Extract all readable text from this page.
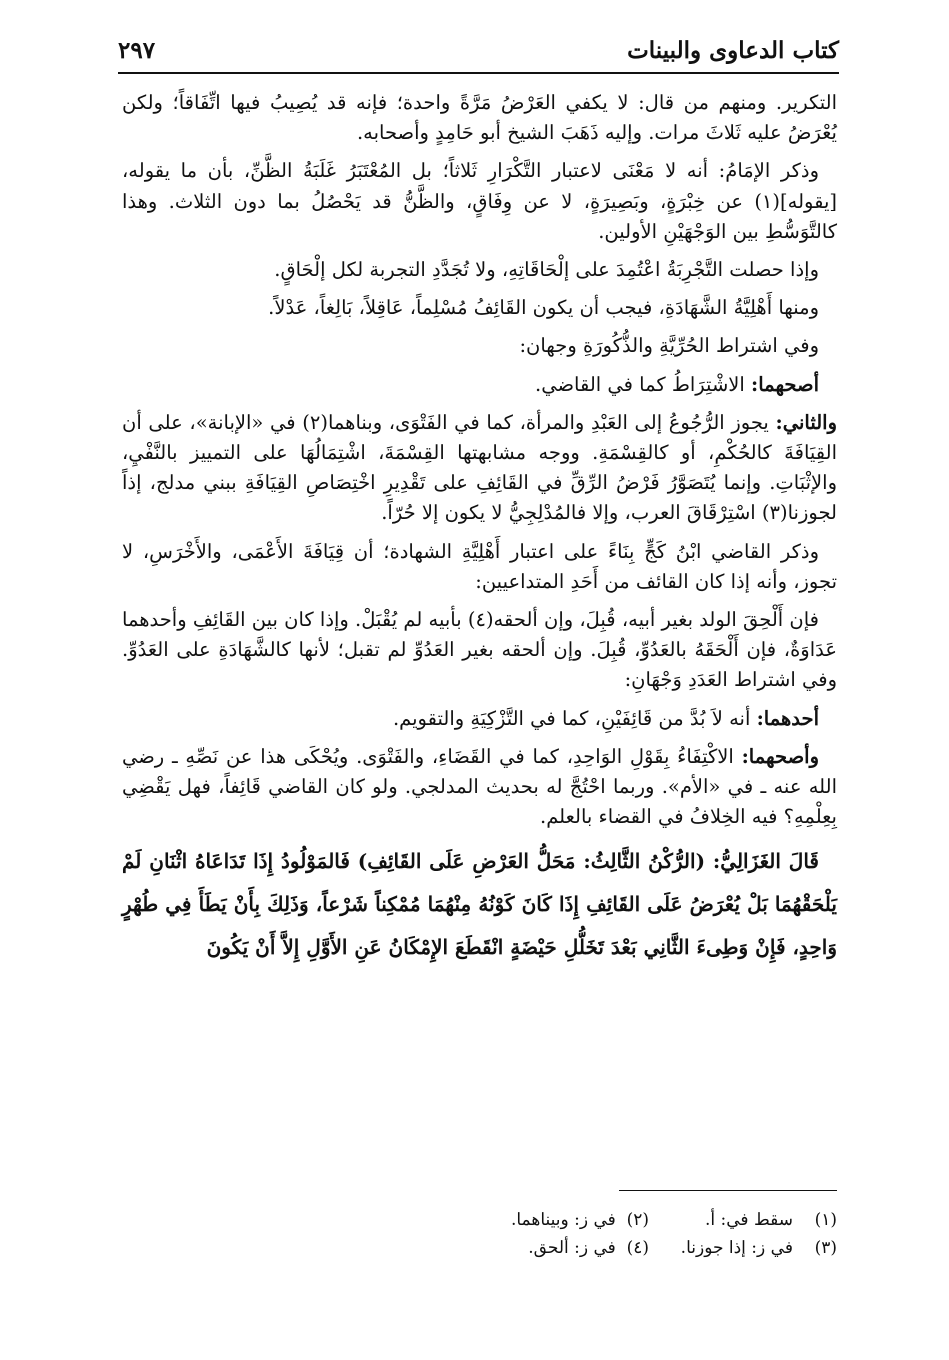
كتاب الدعاوى والبينات
٢٩٧

التكرير. ومنهم من قال: لا يكفي العَرْضُ مَرَّةً واحدة؛ فإنه قد يُصِيبُ فيها اتِّفَاقاً؛ ولكن يُعْرَضُ عليه ثَلاثَ مرات. وإليه ذَهَبَ الشيخ أبو حَامِدٍ وأصحابه.

وذكر الإمَامُ: أنه لا مَعْنَى لاعتبار التَّكْرَارِ ثَلاثاً؛ بل المُعْتَبَرُ غَلَبَةُ الظَّنِّ، بأن ما يقوله، [يقوله](١) عن خِبْرَةٍ، وبَصِيرَةٍ، لا عن وِفَاقٍ، والظَّنُّ قد يَحْصُلُ بما دون الثلاث. وهذا كالتَّوَسُّطِ بين الوَجْهَيْنِ الأولين.

وإذا حصلت التَّجْرِبَةُ اعْتُمِدَ على إلْحَاقَاتِهِ، ولا تُجَدَّدِ التجربة لكل إلْحَاقٍ.

ومنها أَهْلِيَّةُ الشَّهَادَةِ، فيجب أن يكون القَائِفُ مُسْلِماً، عَاقِلاً، بَالِغاً، عَدْلاً.

وفي اشتراط الحُرِّيَّةِ والذُّكُورَةِ وجهان:

أصحهما: الاشْتِرَاطُ كما في القاضي.

والثاني: يجوز الرُّجُوعُ إلى العَبْدِ والمرأة، كما في الفَتْوَى، وبناهما(٢) في «الإبانة»، على أن القِيَافَةَ كالحُكْمِ، أو كالقِسْمَةِ. ووجه مشابهتها القِسْمَةَ، اشْتِمَالُهَا على التمييز بالنَّفْيِ، والإثْبَاتِ. وإنما يُتَصَوَّرُ فَرْضُ الرِّقِّ في القَائِفِ على تَقْدِيرِ اخْتِصَاصِ القِيَافَةِ ببني مدلج، إذاً لجوزنا(٣) اسْتِرْقَاقَ العرب، وإلا فالمُدْلِجِيُّ لا يكون إلا حُرّاً.

وذكر القاضي ابْنُ كَجٍّ بِنَاءً على اعتبار أَهْلِيَّةِ الشهادة؛ أن قِيَافَةَ الأَعْمَى، والأَخْرَسِ، لا تجوز، وأنه إذا كان القائف من أَحَدِ المتداعيين:

فإن أَلْحِقَ الولد بغير أبيه، قُبِلَ، وإن ألحقه(٤) بأبيه لم يُقْبَلْ. وإذا كان بين القَائِفِ وأحدهما عَدَاوَةٌ، فإن أَلْحَقَهُ بالعَدُوِّ، قُبِلَ. وإن ألحقه بغير العَدُوِّ لم تقبل؛ لأنها كالشَّهَادَةِ على العَدُوِّ. وفي اشتراط العَدَدِ وَجْهَانِ:

أحدهما: أنه لاَ بُدَّ من قَائِفَيْنِ، كما في التَّزْكِيَةِ والتقويم.

وأصحهما: الاكْتِفَاءُ بِقَوْلِ الوَاحِدِ، كما في القَضَاءِ، والفَتْوَى. ويُحْكَى هذا عن نَصِّهِ ـ رضي الله عنه ـ في «الأم». وربما احْتُجَّ له بحديث المدلجي. ولو كان القاضي قَائِفاً، فهل يَقْضِي بِعِلْمِهِ؟ فيه الخِلافُ في القضاء بالعلم.

قَالَ الغَزَالِيُّ: (الرُّكْنُ الثَّالِثُ: مَحَلُّ العَرْضِ عَلَى القَائِفِ) فَالمَوْلُودُ إِذَا تَدَاعَاهُ اثْنَانِ لَمْ يَلْحَقْهُمَا بَلْ يُعْرَضُ عَلَى القَائِفِ إِذَا كَانَ كَوْنُهُ مِنْهُمَا مُمْكِناً شَرْعاً، وَذَلِكَ بِأَنْ يَطَأَ فِي طُهْرٍ وَاحِدٍ، فَإِنْ وَطِىءَ الثَّانِي بَعْدَ تَخَلُّلِ حَيْضَةٍ انْقَطَعَ الإِمْكَانُ عَنِ الأَوَّلِ إِلاَّ أَنْ يَكُونَ

(١)    سقط في: أ.
(٢)  في ز: وبيناهما.
(٣)    في ز: إذا جوزنا.
(٤)  في ز: ألحق.
